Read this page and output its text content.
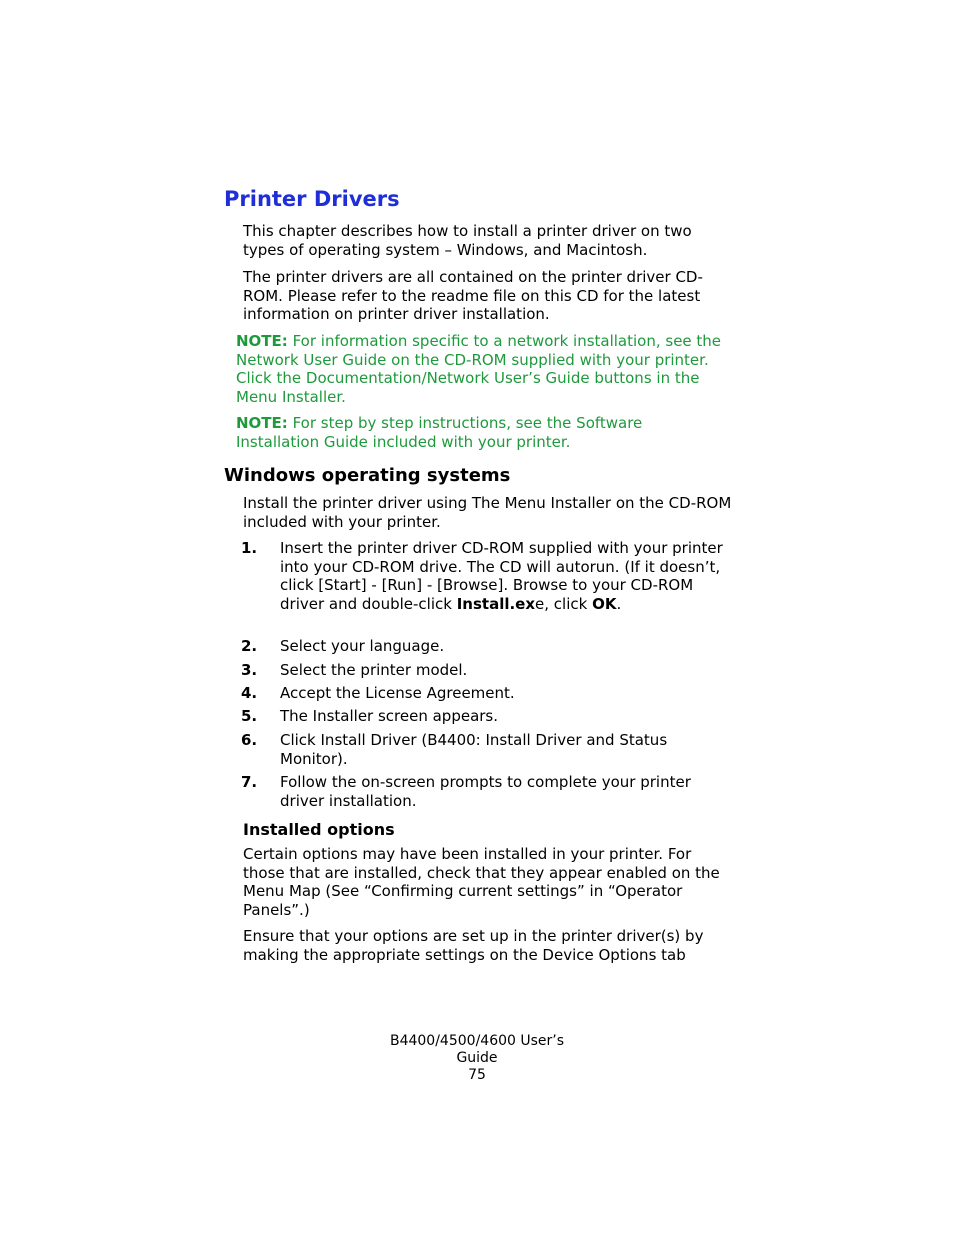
Printer Drivers
This chapter describes how to install a printer driver on two types of operating system – Windows, and Macintosh.
The printer drivers are all contained on the printer driver CD-ROM. Please refer to the readme file on this CD for the latest information on printer driver installation.
NOTE: For information specific to a network installation, see the Network User Guide on the CD-ROM supplied with your printer. Click the Documentation/Network User’s Guide buttons in the Menu Installer.
NOTE: For step by step instructions, see the Software Installation Guide included with your printer.
Windows operating systems
Install the printer driver using The Menu Installer on the CD-ROM included with your printer.
1. Insert the printer driver CD-ROM supplied with your printer into your CD-ROM drive. The CD will autorun. (If it doesn’t, click [Start] - [Run] - [Browse]. Browse to your CD-ROM driver and double-click Install.exe, click OK.
2. Select your language.
3. Select the printer model.
4. Accept the License Agreement.
5. The Installer screen appears.
6. Click Install Driver (B4400: Install Driver and Status Monitor).
7. Follow the on-screen prompts to complete your printer driver installation.
Installed options
Certain options may have been installed in your printer. For those that are installed, check that they appear enabled on the Menu Map (See “Confirming current settings” in “Operator Panels”.)
Ensure that your options are set up in the printer driver(s) by making the appropriate settings on the Device Options tab
B4400/4500/4600 User’s Guide
75
